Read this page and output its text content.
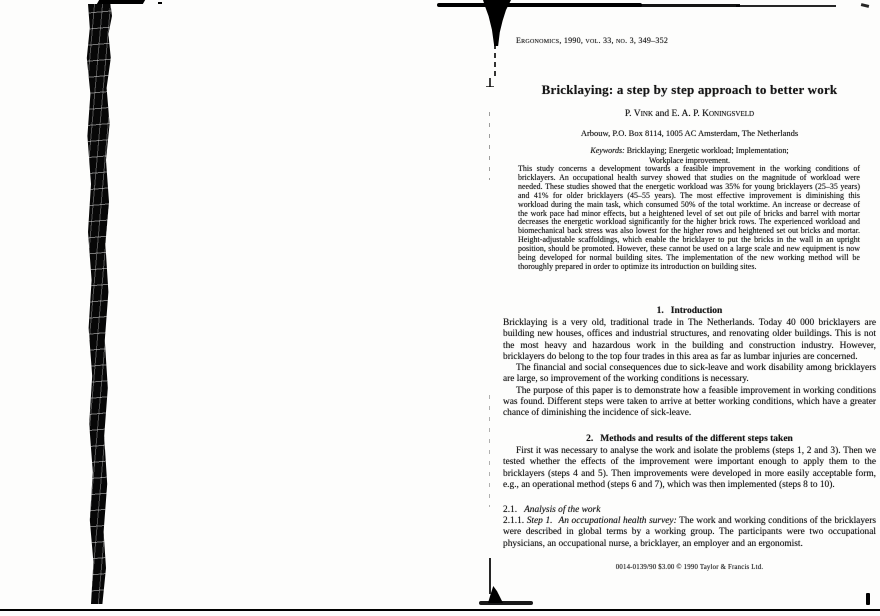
Ergonomics, 1990, vol. 33, no. 3, 349–352
Bricklaying: a step by step approach to better work
P. Vink and E. A. P. Koningsveld
Arbouw, P.O. Box 8114, 1005 AC Amsterdam, The Netherlands
Keywords: Bricklaying; Energetic workload; Implementation;
Workplace improvement.
This study concerns a development towards a feasible improvement in the working conditions of bricklayers. An occupational health survey showed that studies on the magnitude of workload were needed. These studies showed that the energetic workload was 35% for young bricklayers (25–35 years) and 41% for older bricklayers (45–55 years). The most effective improvement is diminishing this workload during the main task, which consumed 50% of the total worktime. An increase or decrease of the work pace had minor effects, but a heightened level of set out pile of bricks and barrel with mortar decreases the energetic workload significantly for the higher brick rows. The experienced workload and biomechanical back stress was also lowest for the higher rows and heightened set out bricks and mortar. Height-adjustable scaffoldings, which enable the bricklayer to put the bricks in the wall in an upright position, should be promoted. However, these cannot be used on a large scale and new equipment is now being developed for normal building sites. The implementation of the new working method will be thoroughly prepared in order to optimize its introduction on building sites.
1. Introduction

Bricklaying is a very old, traditional trade in The Netherlands. Today 40 000 bricklayers are building new houses, offices and industrial structures, and renovating older buildings. This is not the most heavy and hazardous work in the building and construction industry. However, bricklayers do belong to the top four trades in this area as far as lumbar injuries are concerned.

The financial and social consequences due to sick-leave and work disability among bricklayers are large, so improvement of the working conditions is necessary.

The purpose of this paper is to demonstrate how a feasible improvement in working conditions was found. Different steps were taken to arrive at better working conditions, which have a greater chance of diminishing the incidence of sick-leave.

2. Methods and results of the different steps taken

First it was necessary to analyse the work and isolate the problems (steps 1, 2 and 3). Then we tested whether the effects of the improvement were important enough to apply them to the bricklayers (steps 4 and 5). Then improvements were developed in more easily acceptable form, e.g., an operational method (steps 6 and 7), which was then implemented (steps 8 to 10).

2.1. Analysis of the work

2.1.1. Step 1. An occupational health survey: The work and working conditions of the bricklayers were described in global terms by a working group. The participants were two occupational physicians, an occupational nurse, a bricklayer, an employer and an ergonomist.

0014-0139/90 $3.00 © 1990 Taylor & Francis Ltd.
